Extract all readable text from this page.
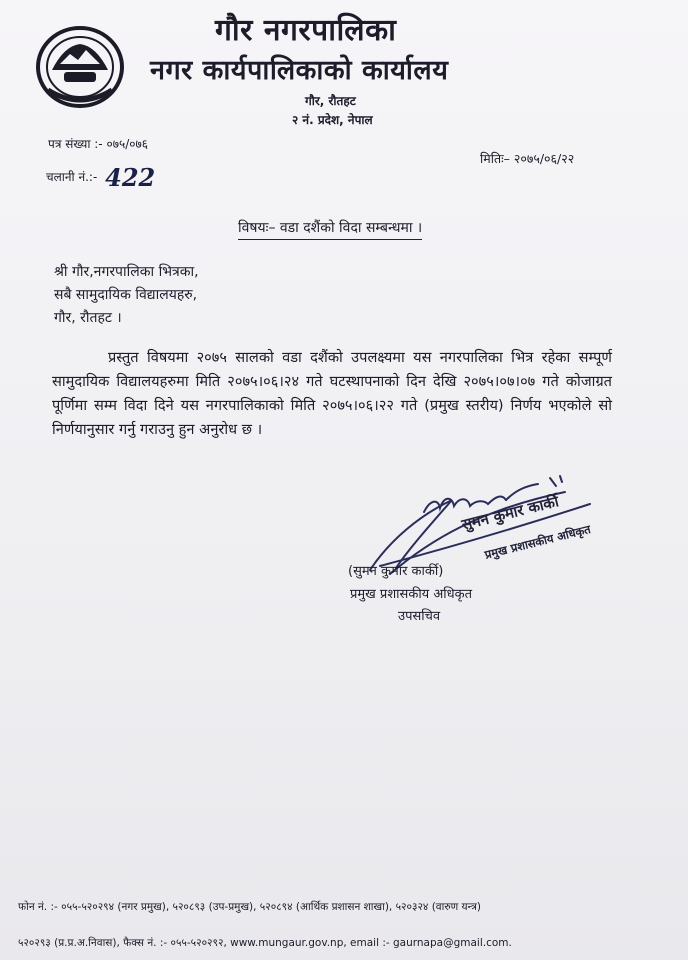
गौर नगरपालिका
नगर कार्यपालिकाको कार्यालय
गौर, रौतहट
२ नं. प्रदेश, नेपाल
पत्र संख्या :- ०७५/०७६
चलानी नं.:- 422
मितिः– २०७५/०६/२२
विषयः– वडा दशैंको विदा सम्बन्धमा ।
श्री गौर,नगरपालिका भित्रका,
सबै सामुदायिक विद्यालयहरु,
गौर, रौतहट ।

प्रस्तुत विषयमा २०७५ सालको वडा दशैंको उपलक्ष्यमा यस नगरपालिका भित्र रहेका सम्पूर्ण सामुदायिक विद्यालयहरुमा मिति २०७५।०६।२४ गते घटस्थापनाको दिन देखि २०७५।०७।०७ गते कोजाग्रत पूर्णिमा सम्म विदा दिने यस नगरपालिकाको मिति २०७५।०६।२२ गते (प्रमुख स्तरीय) निर्णय भएकोले सो निर्णयानुसार गर्नु गराउनु हुन अनुरोध छ ।

सुमन कुमार कार्की
प्रमुख प्रशासकीय अधिकृत
(सुमन कुमार कार्की)
प्रमुख प्रशासकीय अधिकृत
उपसचिव
फोन नं. :- ०५५-५२०२९४ (नगर प्रमुख), ५२०८९३ (उप-प्रमुख), ५२०८९४ (आर्थिक प्रशासन शाखा), ५२०३२४ (वारुण यन्त्र)
५२०२९३ (प्र.प्र.अ.निवास), फैक्स नं. :- ०५५-५२०२९२, www.mungaur.gov.np, email :- gaurnapa@gmail.com.
